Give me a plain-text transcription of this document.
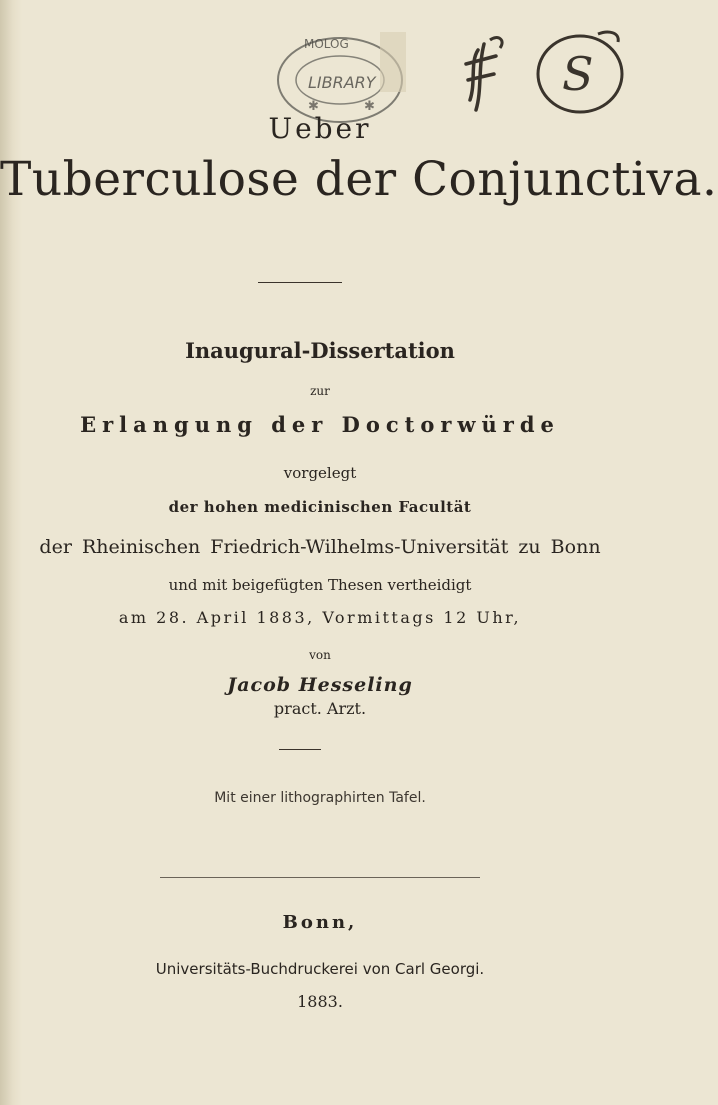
MOLOG
LIBRARY
✱	✱
S
Ueber
Tuberculose der Conjunctiva.
Inaugural-Dissertation
zur
Erlangung der Doctorwürde
vorgelegt
der hohen medicinischen Facultät
der Rheinischen Friedrich-Wilhelms-Universität zu Bonn
und mit beigefügten Thesen vertheidigt
am 28. April 1883, Vormittags 12 Uhr,
von
Jacob Hesseling
pract. Arzt.
Mit einer lithographirten Tafel.
Bonn,
Universitäts-Buchdruckerei von Carl Georgi.
1883.
